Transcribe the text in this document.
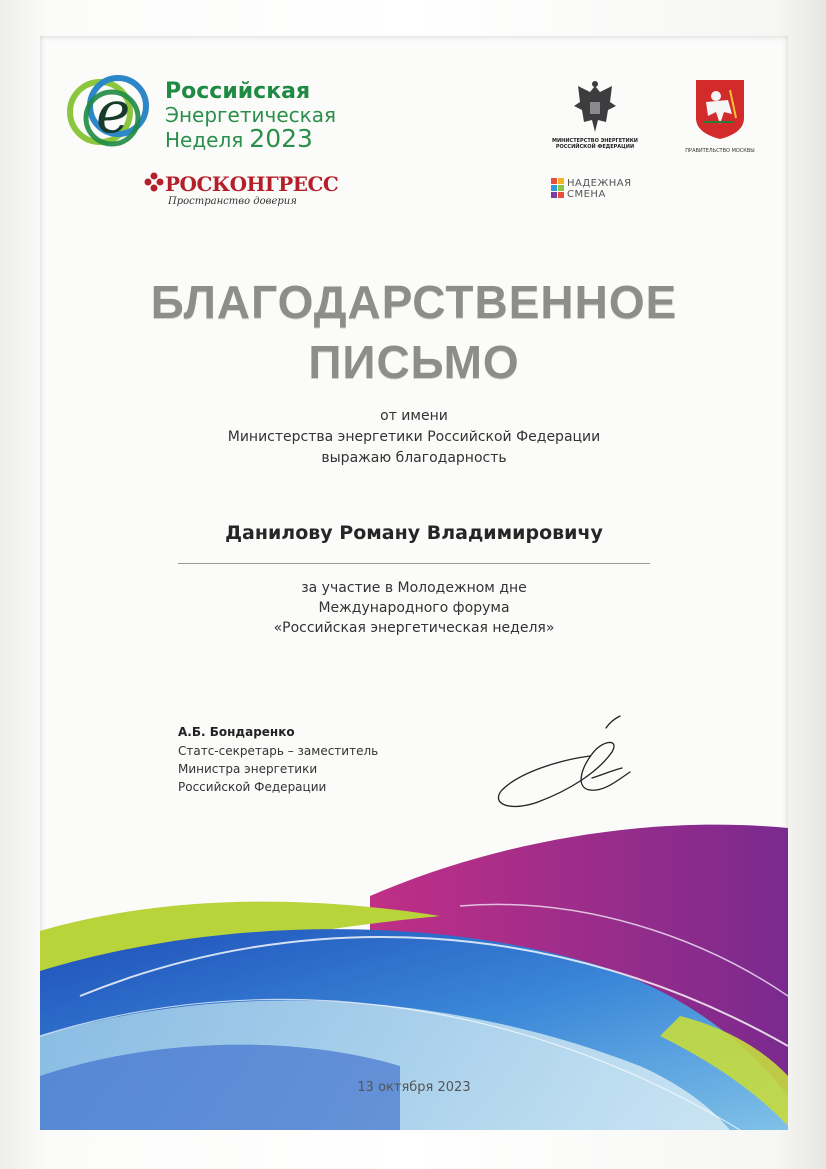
e Российская
Энергетическая
Неделя 2023
РОСКОНГРЕСС
Пространство доверия
МИНИСТЕРСТВО ЭНЕРГЕТИКИ РОССИЙСКОЙ ФЕДЕРАЦИИ
ПРАВИТЕЛЬСТВО МОСКВЫ
НАДЕЖНАЯ
СМЕНА
БЛАГОДАРСТВЕННОЕ
ПИСЬМО
от имени
Министерства энергетики Российской Федерации
выражаю благодарность
Данилову Роману Владимировичу
за участие в Молодежном дне
Международного форума
«Российская энергетическая неделя»
А.Б. Бондаренко
Статс-секретарь – заместитель
Министра энергетики
Российской Федерации
13 октября 2023
